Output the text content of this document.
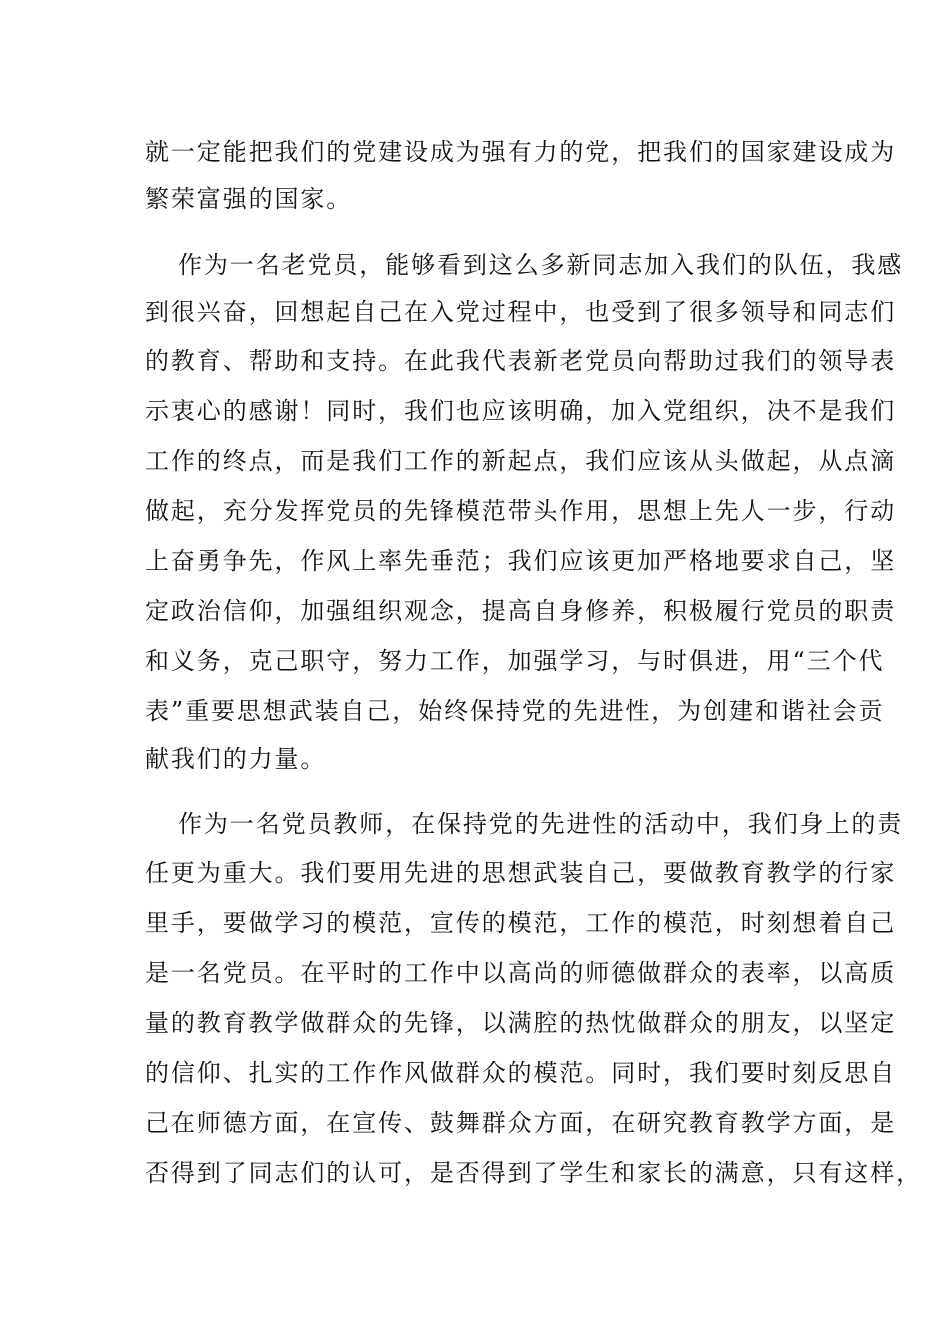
就一定能把我们的党建设成为强有力的党，把我们的国家建设成为
繁荣富强的国家。
作为一名老党员，能够看到这么多新同志加入我们的队伍，我感
到很兴奋，回想起自己在入党过程中，也受到了很多领导和同志们
的教育、帮助和支持。在此我代表新老党员向帮助过我们的领导表
示衷心的感谢！同时，我们也应该明确，加入党组织，决不是我们
工作的终点，而是我们工作的新起点，我们应该从头做起，从点滴
做起，充分发挥党员的先锋模范带头作用，思想上先人一步，行动
上奋勇争先，作风上率先垂范；我们应该更加严格地要求自己，坚
定政治信仰，加强组织观念，提高自身修养，积极履行党员的职责
和义务，克己职守，努力工作，加强学习，与时俱进，用“三个代
表”重要思想武装自己，始终保持党的先进性，为创建和谐社会贡
献我们的力量。
作为一名党员教师，在保持党的先进性的活动中，我们身上的责
任更为重大。我们要用先进的思想武装自己，要做教育教学的行家
里手，要做学习的模范，宣传的模范，工作的模范，时刻想着自己
是一名党员。在平时的工作中以高尚的师德做群众的表率，以高质
量的教育教学做群众的先锋，以满腔的热忱做群众的朋友，以坚定
的信仰、扎实的工作作风做群众的模范。同时，我们要时刻反思自
己在师德方面，在宣传、鼓舞群众方面，在研究教育教学方面，是
否得到了同志们的认可，是否得到了学生和家长的满意，只有这样，
